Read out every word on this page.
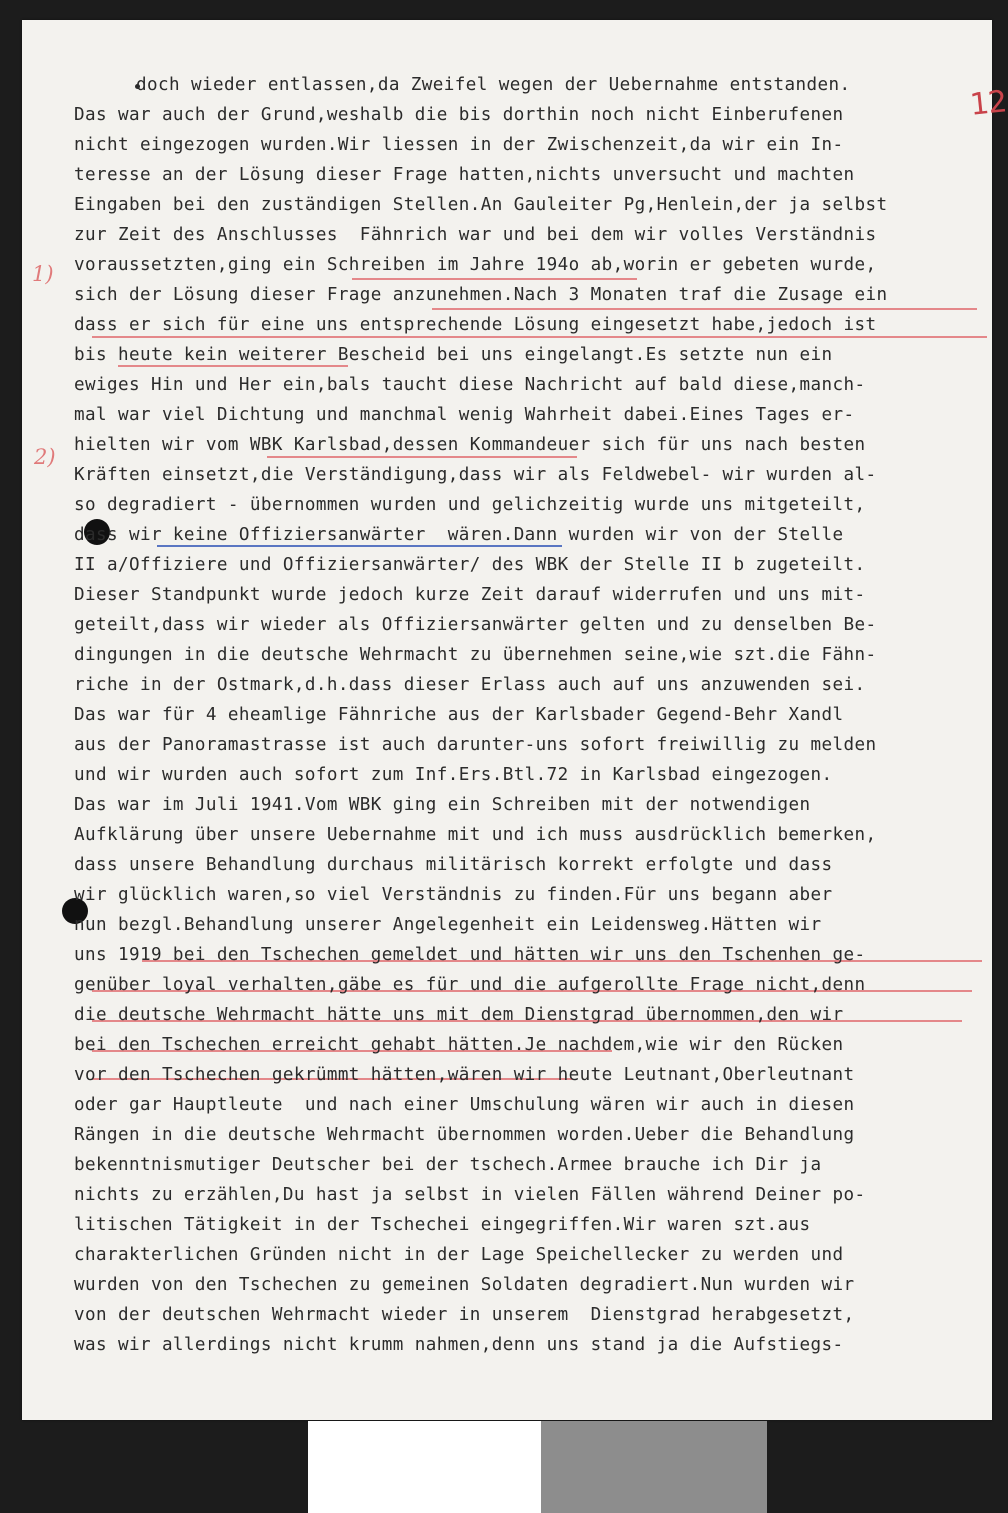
12
1)
2)
doch wieder entlassen,da Zweifel wegen der Uebernahme entstanden.
Das war auch der Grund,weshalb die bis dorthin noch nicht Einberufenen
nicht eingezogen wurden.Wir liessen in der Zwischenzeit,da wir ein In-
teresse an der Lösung dieser Frage hatten,nichts unversucht und machten
Eingaben bei den zuständigen Stellen.An Gauleiter Pg,Henlein,der ja selbst
zur Zeit des Anschlusses  Fähnrich war und bei dem wir volles Verständnis
voraussetzten,ging ein Schreiben im Jahre 194o ab,worin er gebeten wurde,
sich der Lösung dieser Frage anzunehmen.Nach 3 Monaten traf die Zusage ein
dass er sich für eine uns entsprechende Lösung eingesetzt habe,jedoch ist
bis heute kein weiterer Bescheid bei uns eingelangt.Es setzte nun ein
ewiges Hin und Her ein,bals taucht diese Nachricht auf bald diese,manch-
mal war viel Dichtung und manchmal wenig Wahrheit dabei.Eines Tages er-
hielten wir vom WBK Karlsbad,dessen Kommandeuer sich für uns nach besten
Kräften einsetzt,die Verständigung,dass wir als Feldwebel- wir wurden al-
so degradiert - übernommen wurden und gelichzeitig wurde uns mitgeteilt,
dass wir keine Offiziersanwärter  wären.Dann wurden wir von der Stelle
II a/Offiziere und Offiziersanwärter/ des WBK der Stelle II b zugeteilt.
Dieser Standpunkt wurde jedoch kurze Zeit darauf widerrufen und uns mit-
geteilt,dass wir wieder als Offiziersanwärter gelten und zu denselben Be-
dingungen in die deutsche Wehrmacht zu übernehmen seine,wie szt.die Fähn-
riche in der Ostmark,d.h.dass dieser Erlass auch auf uns anzuwenden sei.
Das war für 4 eheamlige Fähnriche aus der Karlsbader Gegend-Behr Xandl
aus der Panoramastrasse ist auch darunter-uns sofort freiwillig zu melden
und wir wurden auch sofort zum Inf.Ers.Btl.72 in Karlsbad eingezogen.
Das war im Juli 1941.Vom WBK ging ein Schreiben mit der notwendigen
Aufklärung über unsere Uebernahme mit und ich muss ausdrücklich bemerken,
dass unsere Behandlung durchaus militärisch korrekt erfolgte und dass
wir glücklich waren,so viel Verständnis zu finden.Für uns begann aber
nun bezgl.Behandlung unserer Angelegenheit ein Leidensweg.Hätten wir
uns 1919 bei den Tschechen gemeldet und hätten wir uns den Tschenhen ge-
genüber loyal verhalten,gäbe es für und die aufgerollte Frage nicht,denn
die deutsche Wehrmacht hätte uns mit dem Dienstgrad übernommen,den wir
bei den Tschechen erreicht gehabt hätten.Je nachdem,wie wir den Rücken
vor den Tschechen gekrümmt hätten,wären wir heute Leutnant,Oberleutnant
oder gar Hauptleute  und nach einer Umschulung wären wir auch in diesen
Rängen in die deutsche Wehrmacht übernommen worden.Ueber die Behandlung
bekenntnismutiger Deutscher bei der tschech.Armee brauche ich Dir ja
nichts zu erzählen,Du hast ja selbst in vielen Fällen während Deiner po-
litischen Tätigkeit in der Tschechei eingegriffen.Wir waren szt.aus
charakterlichen Gründen nicht in der Lage Speichellecker zu werden und
wurden von den Tschechen zu gemeinen Soldaten degradiert.Nun wurden wir
von der deutschen Wehrmacht wieder in unserem  Dienstgrad herabgesetzt,
was wir allerdings nicht krumm nahmen,denn uns stand ja die Aufstiegs-
